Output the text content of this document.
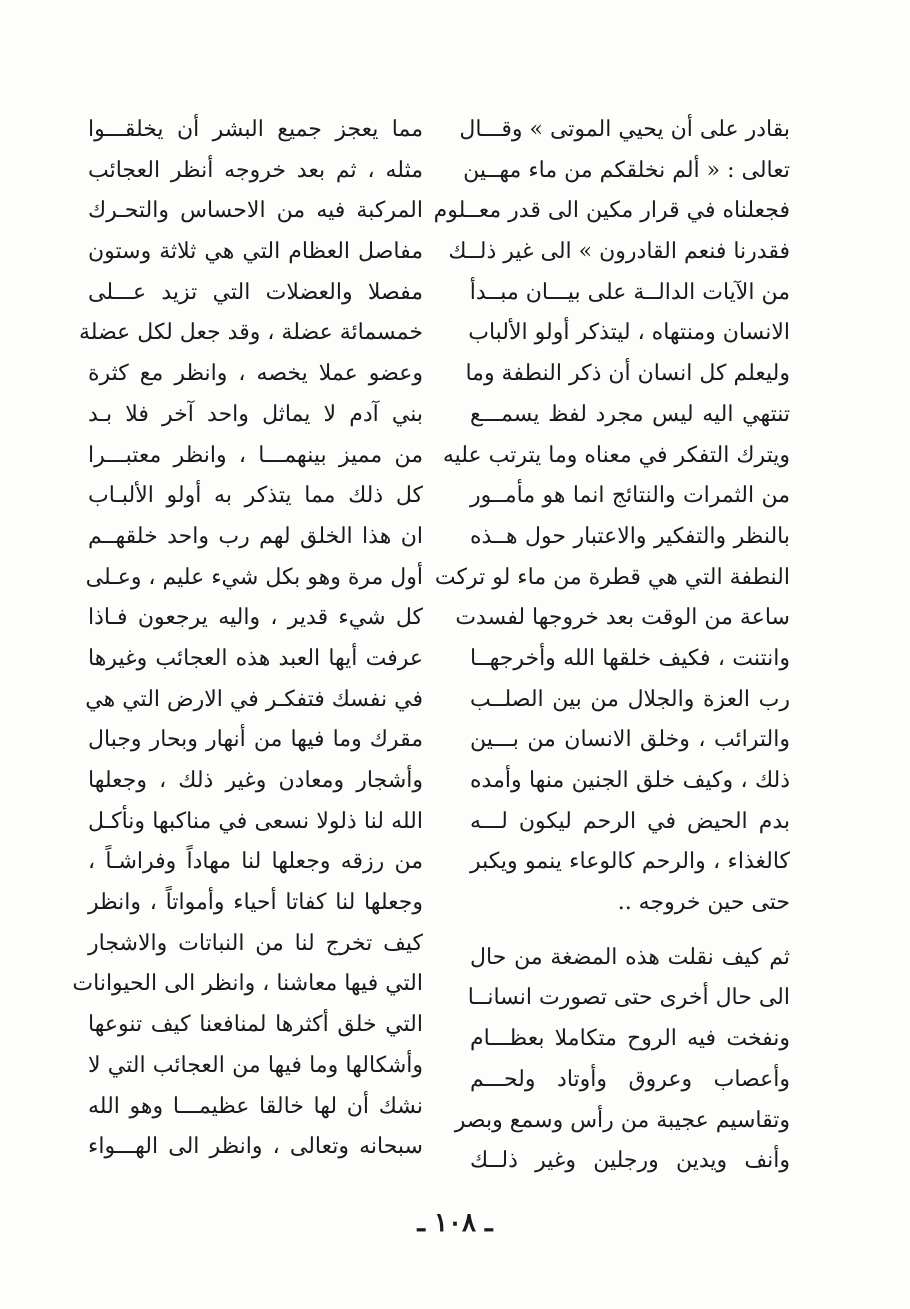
بقادر على أن يحيي الموتى » وقـــال
تعالى : « ألم نخلقكم من ماء مهــين
فجعلناه في قرار مكين الى قدر معــلوم
فقدرنا فنعم القادرون » الى غير ذلــك
من الآيات الدالــة على بيـــان مبــدأ
الانسان ومنتهاه ، ليتذكر أولو الألباب
وليعلم كل انسان أن ذكر النطفة وما
تنتهي اليه ليس مجرد لفظ يسمـــع
ويترك التفكر في معناه وما يترتب عليه
من الثمرات والنتائج انما هو مأمــور
بالنظر والتفكير والاعتبار حول هــذه
النطفة التي هي قطرة من ماء لو تركت
ساعة من الوقت بعد خروجها لفسدت
وانتنت ، فكيف خلقها الله وأخرجهــا
رب العزة والجلال من بين الصلــب
والترائب ، وخلق الانسان من بـــين
ذلك ، وكيف خلق الجنين منها وأمده
بدم الحيض في الرحم ليكون لـــه
كالغذاء ، والرحم كالوعاء ينمو ويكبر
حتى حين خروجه ..
ثم كيف نقلت هذه المضغة من حال
الى حال أخرى حتى تصورت انسانــا
ونفخت فيه الروح متكاملا بعظـــام
وأعصاب وعروق وأوتاد ولحـــم
وتقاسيم عجيبة من رأس وسمع وبصر
وأنف ويدين ورجلين وغير ذلــك
مما يعجز جميع البشر أن يخلقـــوا
مثله ، ثم بعد خروجه أنظر العجائب
المركبة فيه من الاحساس والتحـرك
مفاصل العظام التي هي ثلاثة وستون
مفصلا والعضلات التي تزيد عـــلى
خمسمائة عضلة ، وقد جعل لكل عضلة
وعضو عملا يخصه ، وانظر مع كثرة
بني آدم لا يماثل واحد آخر فلا بـد
من مميز بينهمـــا ، وانظر معتبـــرا
كل ذلك مما يتذكر به أولو الألبـاب
ان هذا الخلق لهم رب واحد خلقهــم
أول مرة وهو بكل شيء عليم ، وعـلى
كل شيء قدير ، واليه يرجعون فـاذا
عرفت أيها العبد هذه العجائب وغيرها
في نفسك فتفكـر في الارض التي هي
مقرك وما فيها من أنهار وبحار وجبال
وأشجار ومعادن وغير ذلك ، وجعلها
الله لنا ذلولا نسعى في مناكبها ونأكـل
من رزقه وجعلها لنا مهاداً وفراشـاً ،
وجعلها لنا كفاتا أحياء وأمواتاً ، وانظر
كيف تخرج لنا من النباتات والاشجار
التي فيها معاشنا ، وانظر الى الحيوانات
التي خلق أكثرها لمنافعنا كيف تنوعها
وأشكالها وما فيها من العجائب التي لا
نشك أن لها خالقا عظيمـــا وهو الله
سبحانه وتعالى ، وانظر الى الهـــواء
ـ ١٠٨ ـ
